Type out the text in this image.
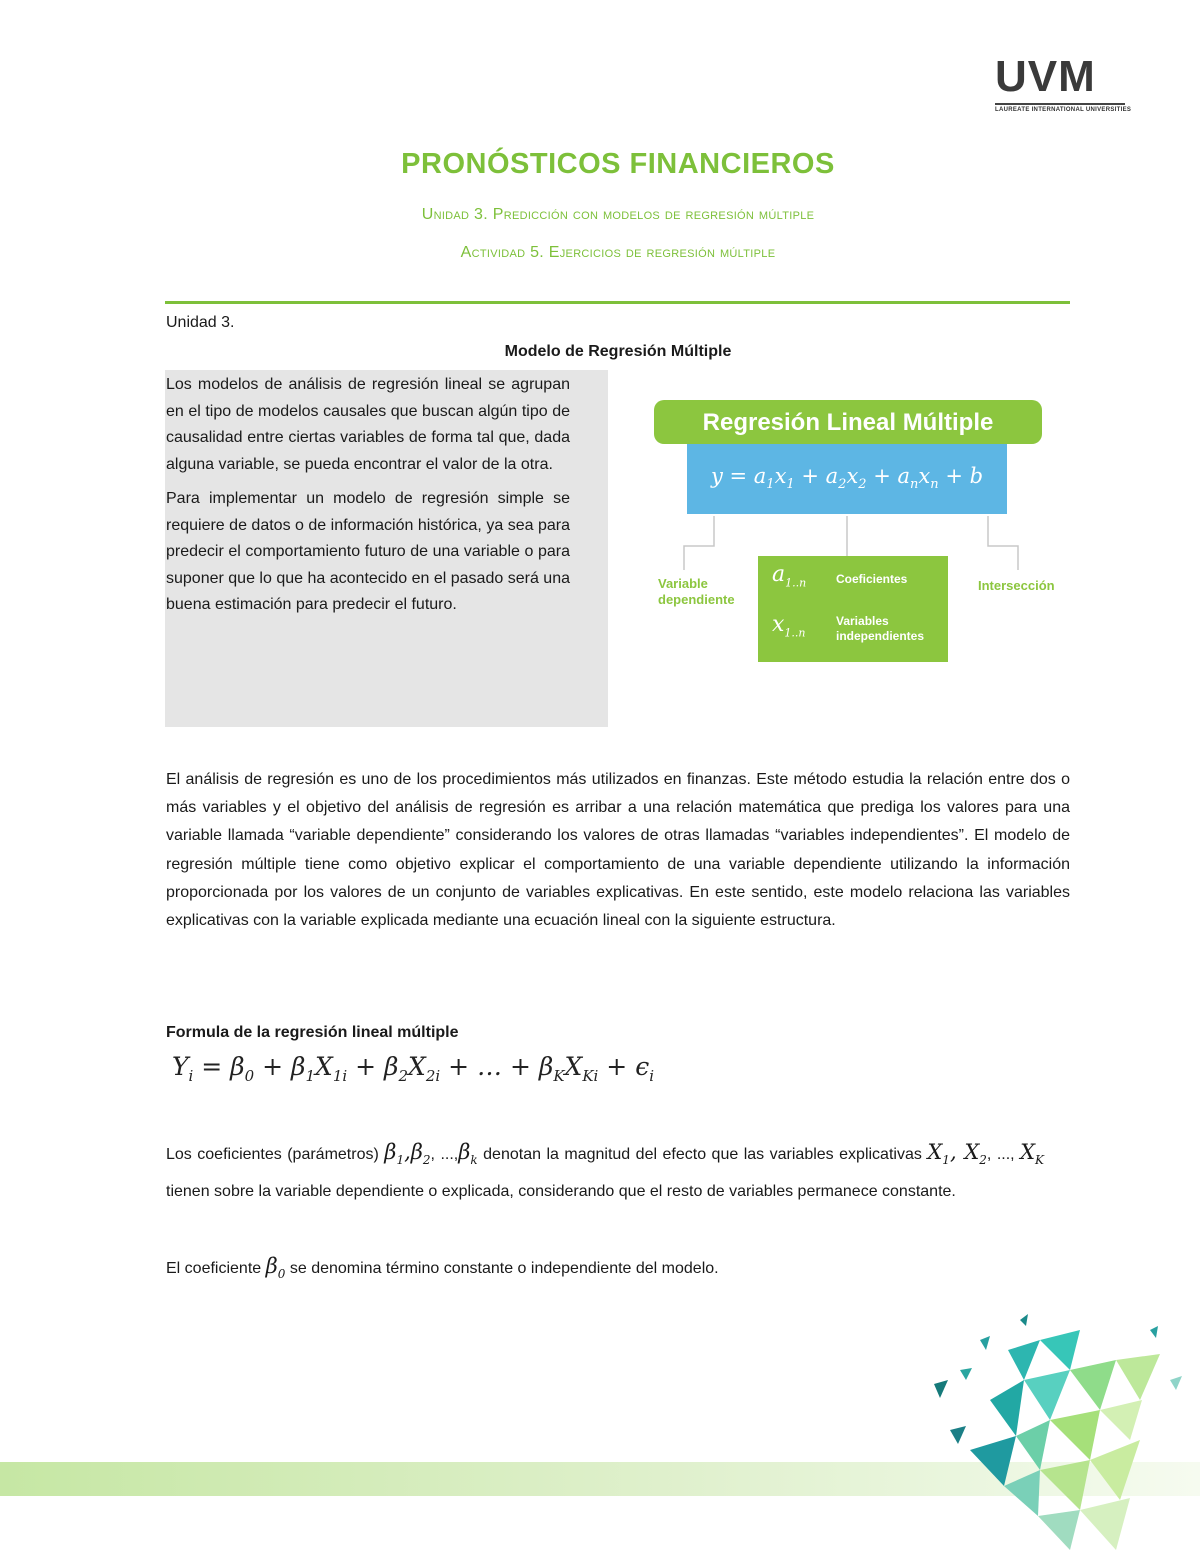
UVM
LAUREATE INTERNATIONAL UNIVERSITIES
PRONÓSTICOS FINANCIEROS
Unidad 3. Predicción con modelos de regresión múltiple
Actividad 5. Ejercicios de regresión múltiple
Unidad 3.
Modelo de Regresión Múltiple

Los modelos de análisis de regresión lineal se agrupan en el tipo de modelos causales que buscan algún tipo de causalidad entre ciertas variables de forma tal que, dada alguna variable, se pueda encontrar el valor de la otra.

Para implementar un modelo de regresión simple se requiere de datos o de información histórica, ya sea para predecir el comportamiento futuro de una variable o para suponer que lo que ha acontecido en el pasado será una buena estimación para predecir el futuro.

Regresión Lineal Múltiple
$y = a_1x_1 + a_2x_2 + a_nx_n + b$
Variable
dependiente
Intersección
$a_{1..n}$ Coeficientes
$x_{1..n}$
Variables
independientes
El análisis de regresión es uno de los procedimientos más utilizados en finanzas. Este método estudia la relación entre dos o más variables y el objetivo del análisis de regresión es arribar a una relación matemática que prediga los valores para una variable llamada “variable dependiente” considerando los valores de otras llamadas “variables independientes”. El modelo de regresión múltiple tiene como objetivo explicar el comportamiento de una variable dependiente utilizando la información proporcionada por los valores de un conjunto de variables explicativas. En este sentido, este modelo relaciona las variables explicativas con la variable explicada mediante una ecuación lineal con la siguiente estructura.
Formula de la regresión lineal múltiple
$Y_i = \beta_0 + \beta_1X_{1i} + \beta_2X_{2i}$ + … + $\beta_KX_{Ki} + \epsilon_i$
Los coeficientes (parámetros) $\beta_1,\beta_2$, $...,\beta_k$ denotan la magnitud del efecto que las variables explicativas $X_1$, $X_2$, ..., $X_K$ tienen sobre la variable dependiente o explicada, considerando que el resto de variables permanece constante.
El coeficiente $\beta_0$ se denomina término constante o independiente del modelo.
